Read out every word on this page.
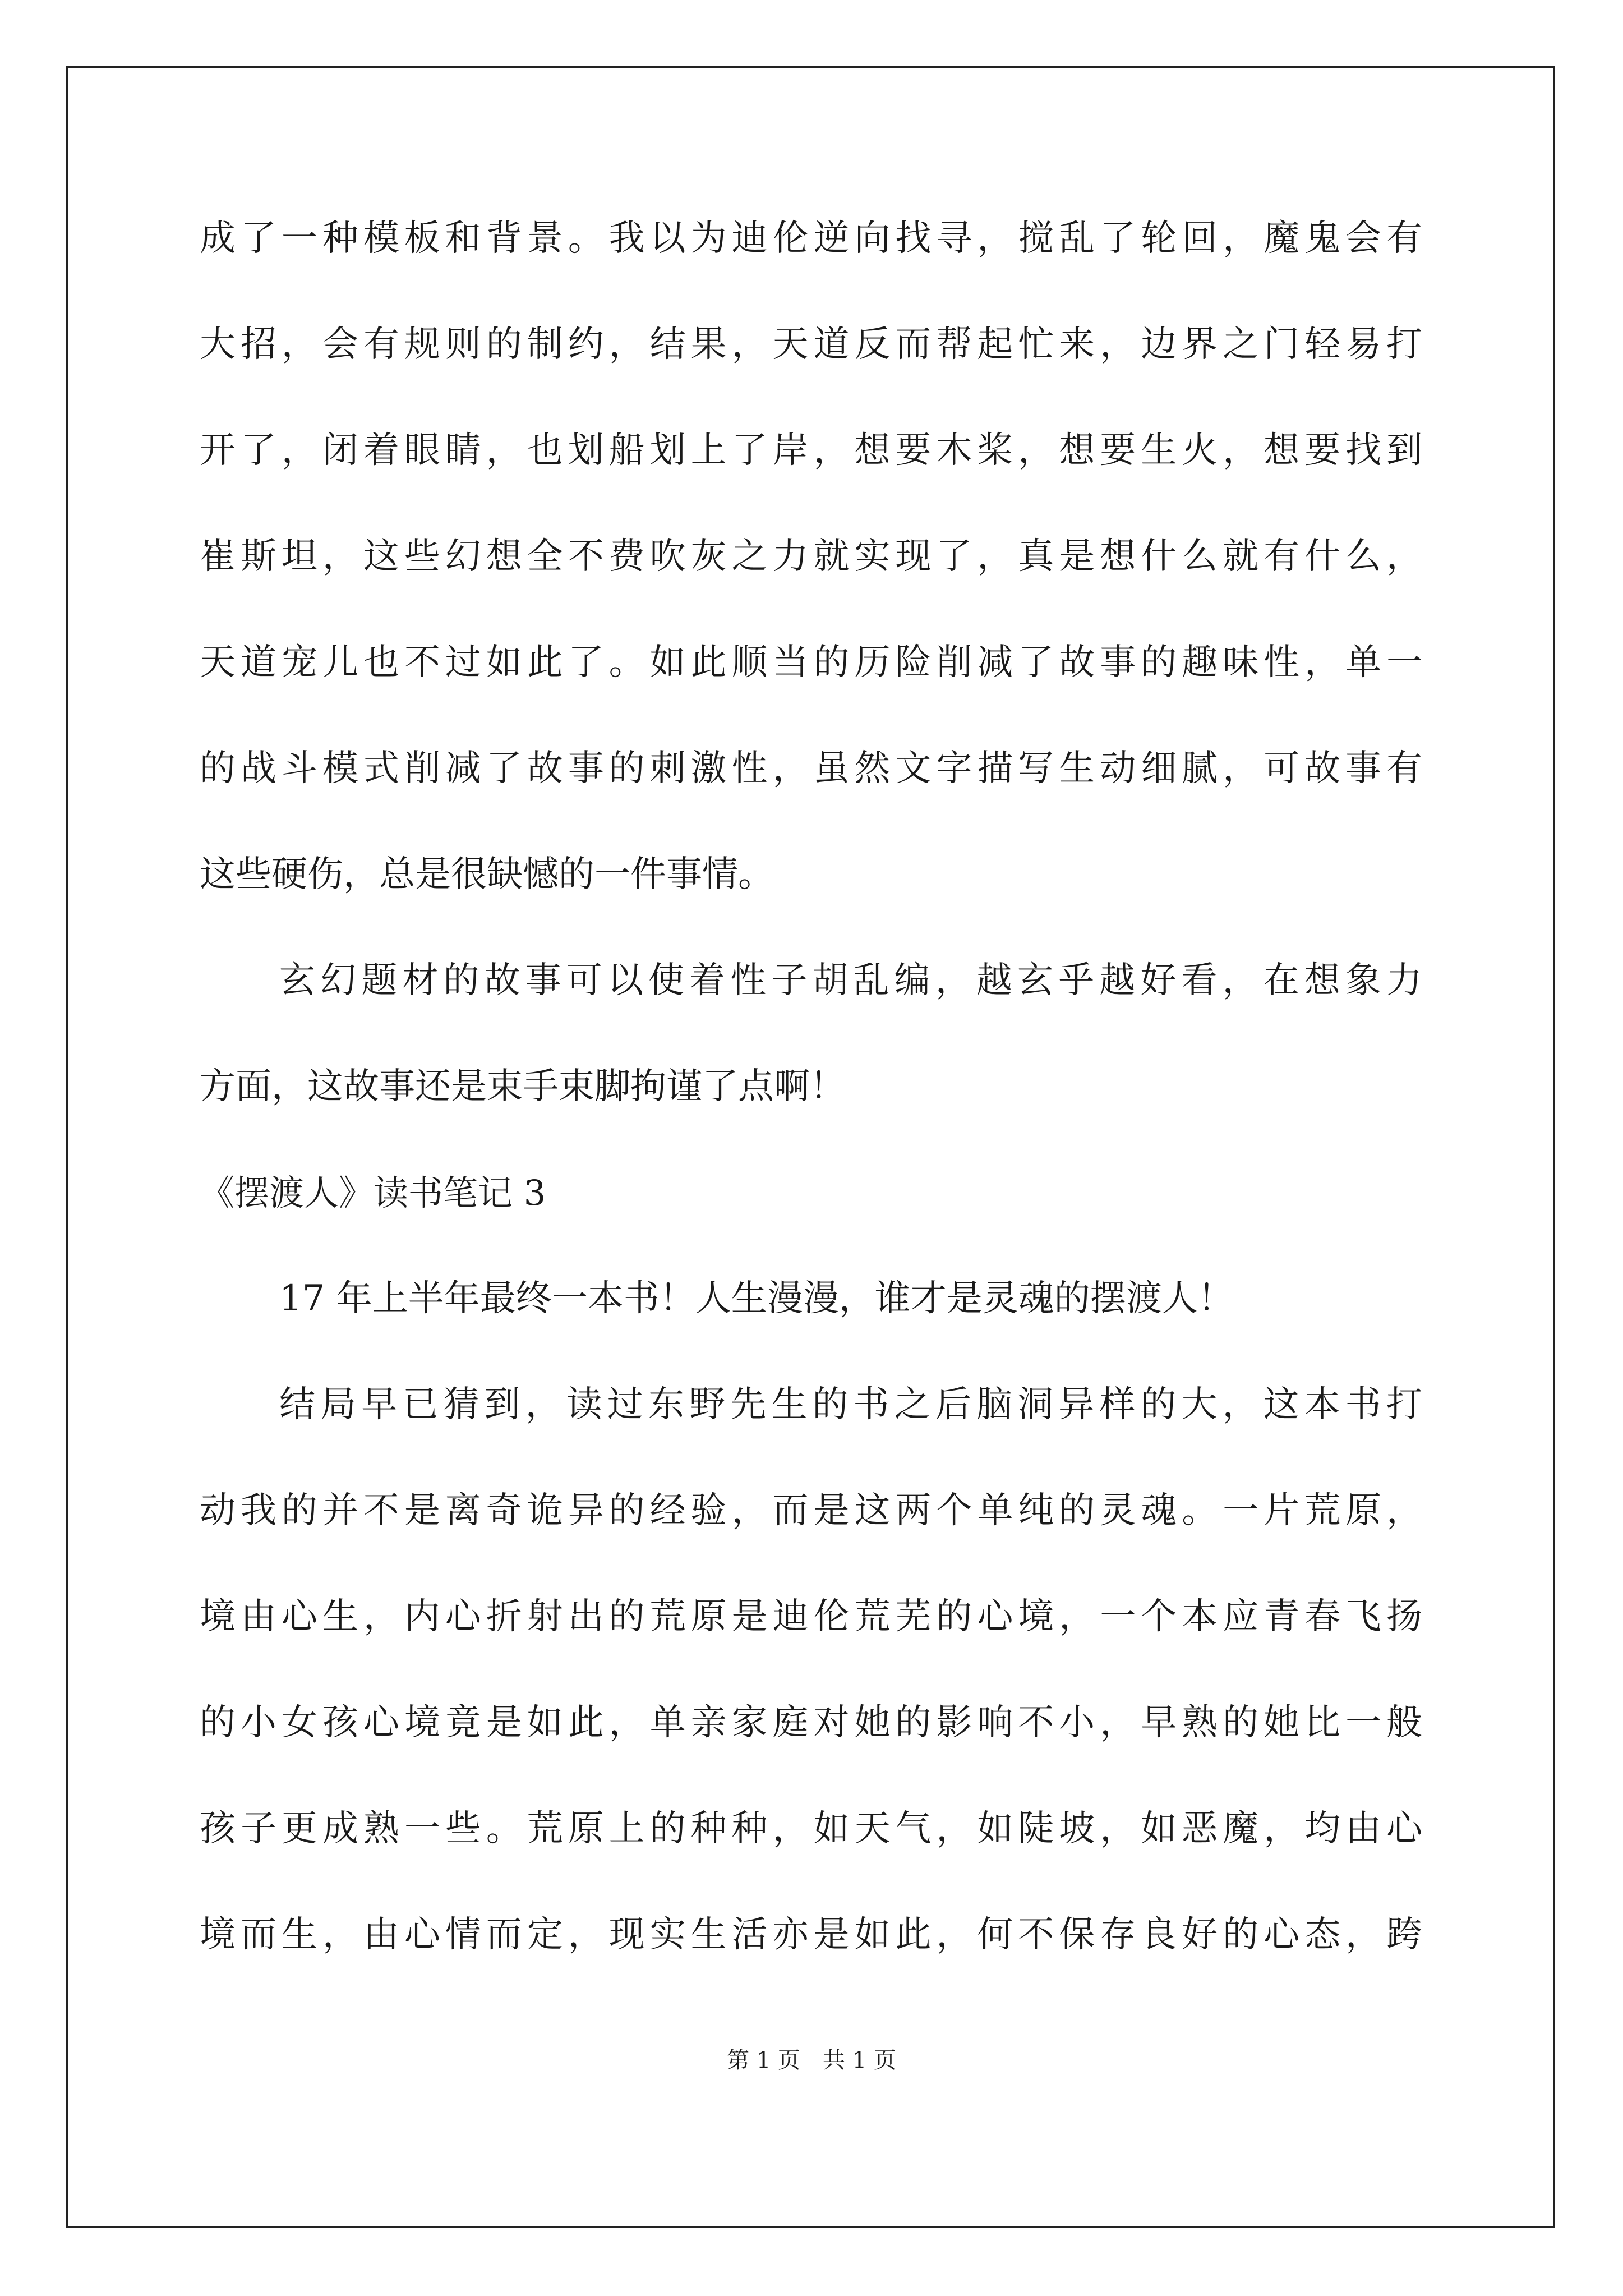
成了一种模板和背景。我以为迪伦逆向找寻，搅乱了轮回，魔鬼会有
大招，会有规则的制约，结果，天道反而帮起忙来，边界之门轻易打
开了，闭着眼睛，也划船划上了岸，想要木桨，想要生火，想要找到
崔斯坦，这些幻想全不费吹灰之力就实现了，真是想什么就有什么，
天道宠儿也不过如此了。如此顺当的历险削减了故事的趣味性，单一
的战斗模式削减了故事的刺激性，虽然文字描写生动细腻，可故事有
这些硬伤，总是很缺憾的一件事情。
玄幻题材的故事可以使着性子胡乱编，越玄乎越好看，在想象力
方面，这故事还是束手束脚拘谨了点啊！
《摆渡人》读书笔记 3
17 年上半年最终一本书！人生漫漫，谁才是灵魂的摆渡人！
结局早已猜到，读过东野先生的书之后脑洞异样的大，这本书打
动我的并不是离奇诡异的经验，而是这两个单纯的灵魂。一片荒原，
境由心生，内心折射出的荒原是迪伦荒芜的心境，一个本应青春飞扬
的小女孩心境竟是如此，单亲家庭对她的影响不小，早熟的她比一般
孩子更成熟一些。荒原上的种种，如天气，如陡坡，如恶魔，均由心
境而生，由心情而定，现实生活亦是如此，何不保存良好的心态，跨
第 1 页　共 1 页
